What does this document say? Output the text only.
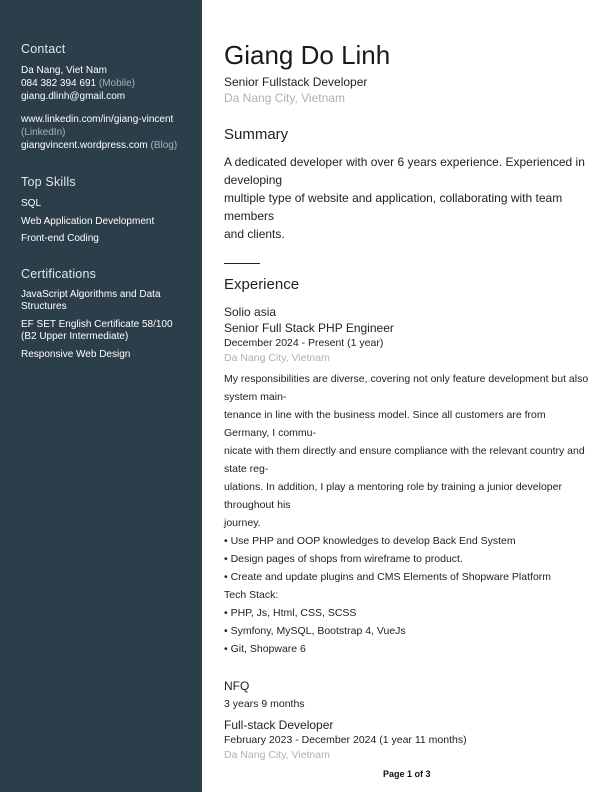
Contact
Da Nang, Viet Nam
084 382 394 691 (Mobile)
giang.dlinh@gmail.com
www.linkedin.com/in/giang-vincent
(LinkedIn)
giangvincent.wordpress.com (Blog)
Top Skills
SQL
Web Application Development
Front-end Coding
Certifications
JavaScript Algorithms and Data
Structures
EF SET English Certificate 58/100
(B2 Upper Intermediate)
Responsive Web Design
Giang Do Linh
Senior Fullstack Developer
Da Nang City, Vietnam
Summary
A dedicated developer with over 6 years experience. Experienced in
developing
multiple type of website and application, collaborating with team
members
and clients.
Experience
Solio asia
Senior Full Stack PHP Engineer
December 2024 - Present (1 year)
Da Nang City, Vietnam
My responsibilities are diverse, covering not only feature development but also
system main-
tenance in line with the business model. Since all customers are from
Germany, I commu-
nicate with them directly and ensure compliance with the relevant country and
state reg-
ulations. In addition, I play a mentoring role by training a junior developer
throughout his
journey.
• Use PHP and OOP knowledges to develop Back End System
• Design pages of shops from wireframe to product.
• Create and update plugins and CMS Elements of Shopware Platform
Tech Stack:
• PHP, Js, Html, CSS, SCSS
• Symfony, MySQL, Bootstrap 4, VueJs
• Git, Shopware 6
NFQ
3 years 9 months
Full-stack Developer
February 2023 - December 2024 (1 year 11 months)
Da Nang City, Vietnam
Page 1 of 3
